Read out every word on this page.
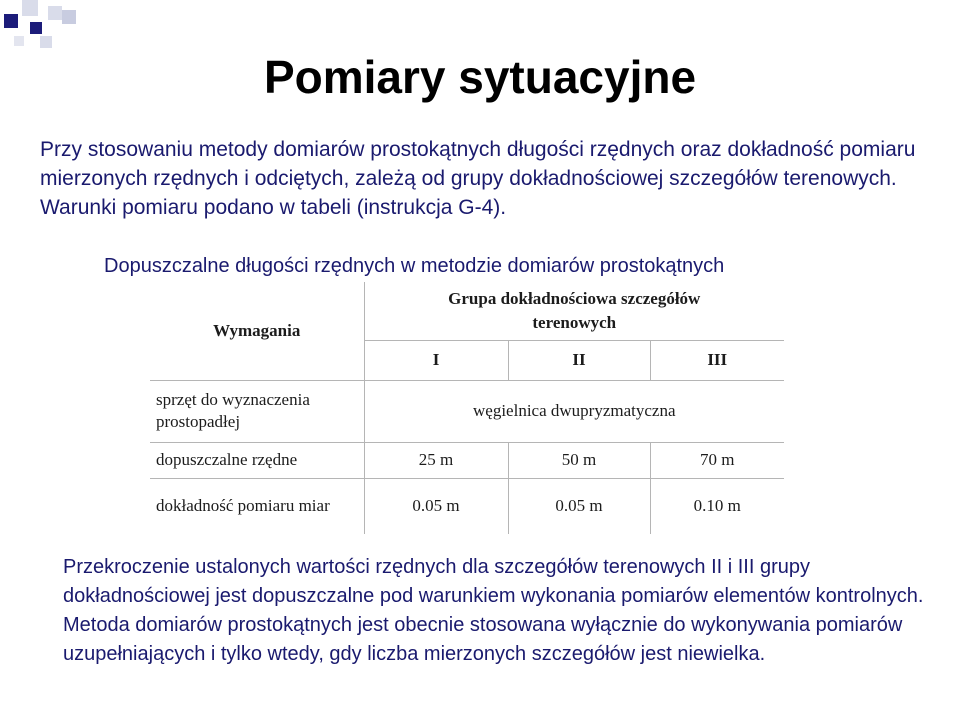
Pomiary sytuacyjne

Przy stosowaniu metody domiarów prostokątnych długości rzędnych oraz dokładność pomiaru mierzonych rzędnych i odciętych, zależą od grupy dokładnościowej szczegółów terenowych. Warunki pomiaru podano w tabeli (instrukcja G-4).

Dopuszczalne długości rzędnych w metodzie domiarów prostokątnych

Wymagania	Grupa dokładnościowa szczegółów terenowych		
	I	II	III
sprzęt do wyznaczenia prostopadłej	węgielnica dwupryzmatyczna		
dopuszczalne rzędne	25 m	50 m	70 m
dokładność pomiaru miar	0.05 m	0.05 m	0.10 m

Przekroczenie ustalonych wartości rzędnych dla szczegółów terenowych II i III grupy dokładnościowej jest dopuszczalne pod warunkiem wykonania pomiarów elementów kontrolnych.

Metoda domiarów prostokątnych jest obecnie stosowana wyłącznie do wykonywania pomiarów uzupełniających i tylko wtedy, gdy liczba mierzonych szczegółów jest niewielka.
